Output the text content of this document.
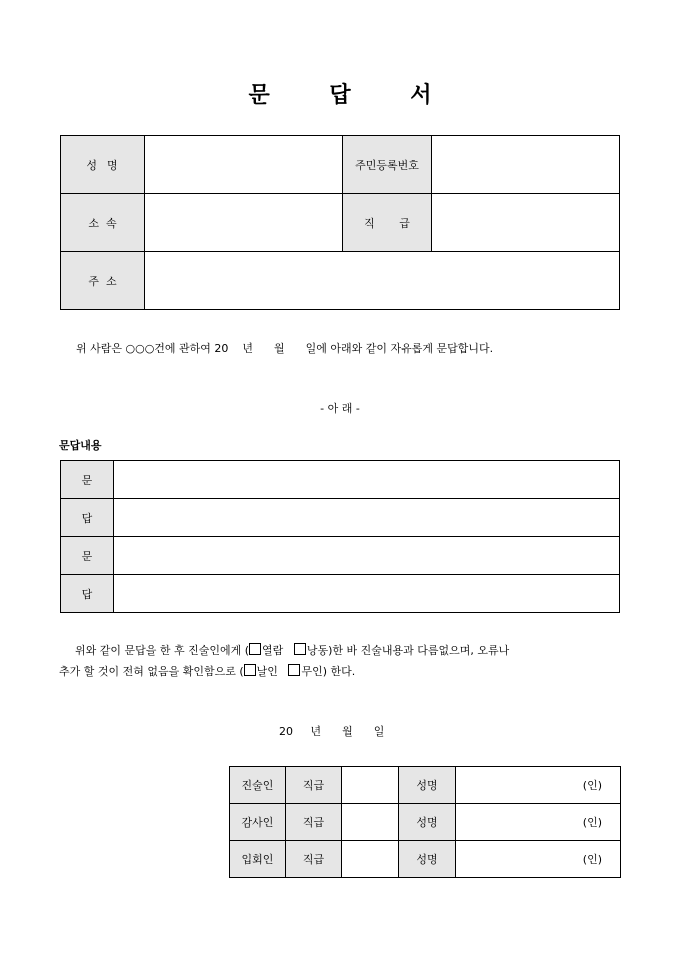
문 답 서
성  명		주민등록번호	
소  속		직       급	
주  소			
위 사람은 ○○○건에 관하여 20    년      월      일에 아래와 같이 자유롭게 문답합니다.
- 아 래 -
문답내용
문	
답	
문	
답	
위와 같이 문답을 한 후 진술인에게 ( 열람 낭동)한 바 진술내용과 다름없으며, 오류나
추가 할 것이 전혀 없음을 확인함으로 ( 날인 무인) 한다.
20     년      월      일
진술인	직급		성명	(인)
감사인	직급		성명	(인)
입회인	직급		성명	(인)
